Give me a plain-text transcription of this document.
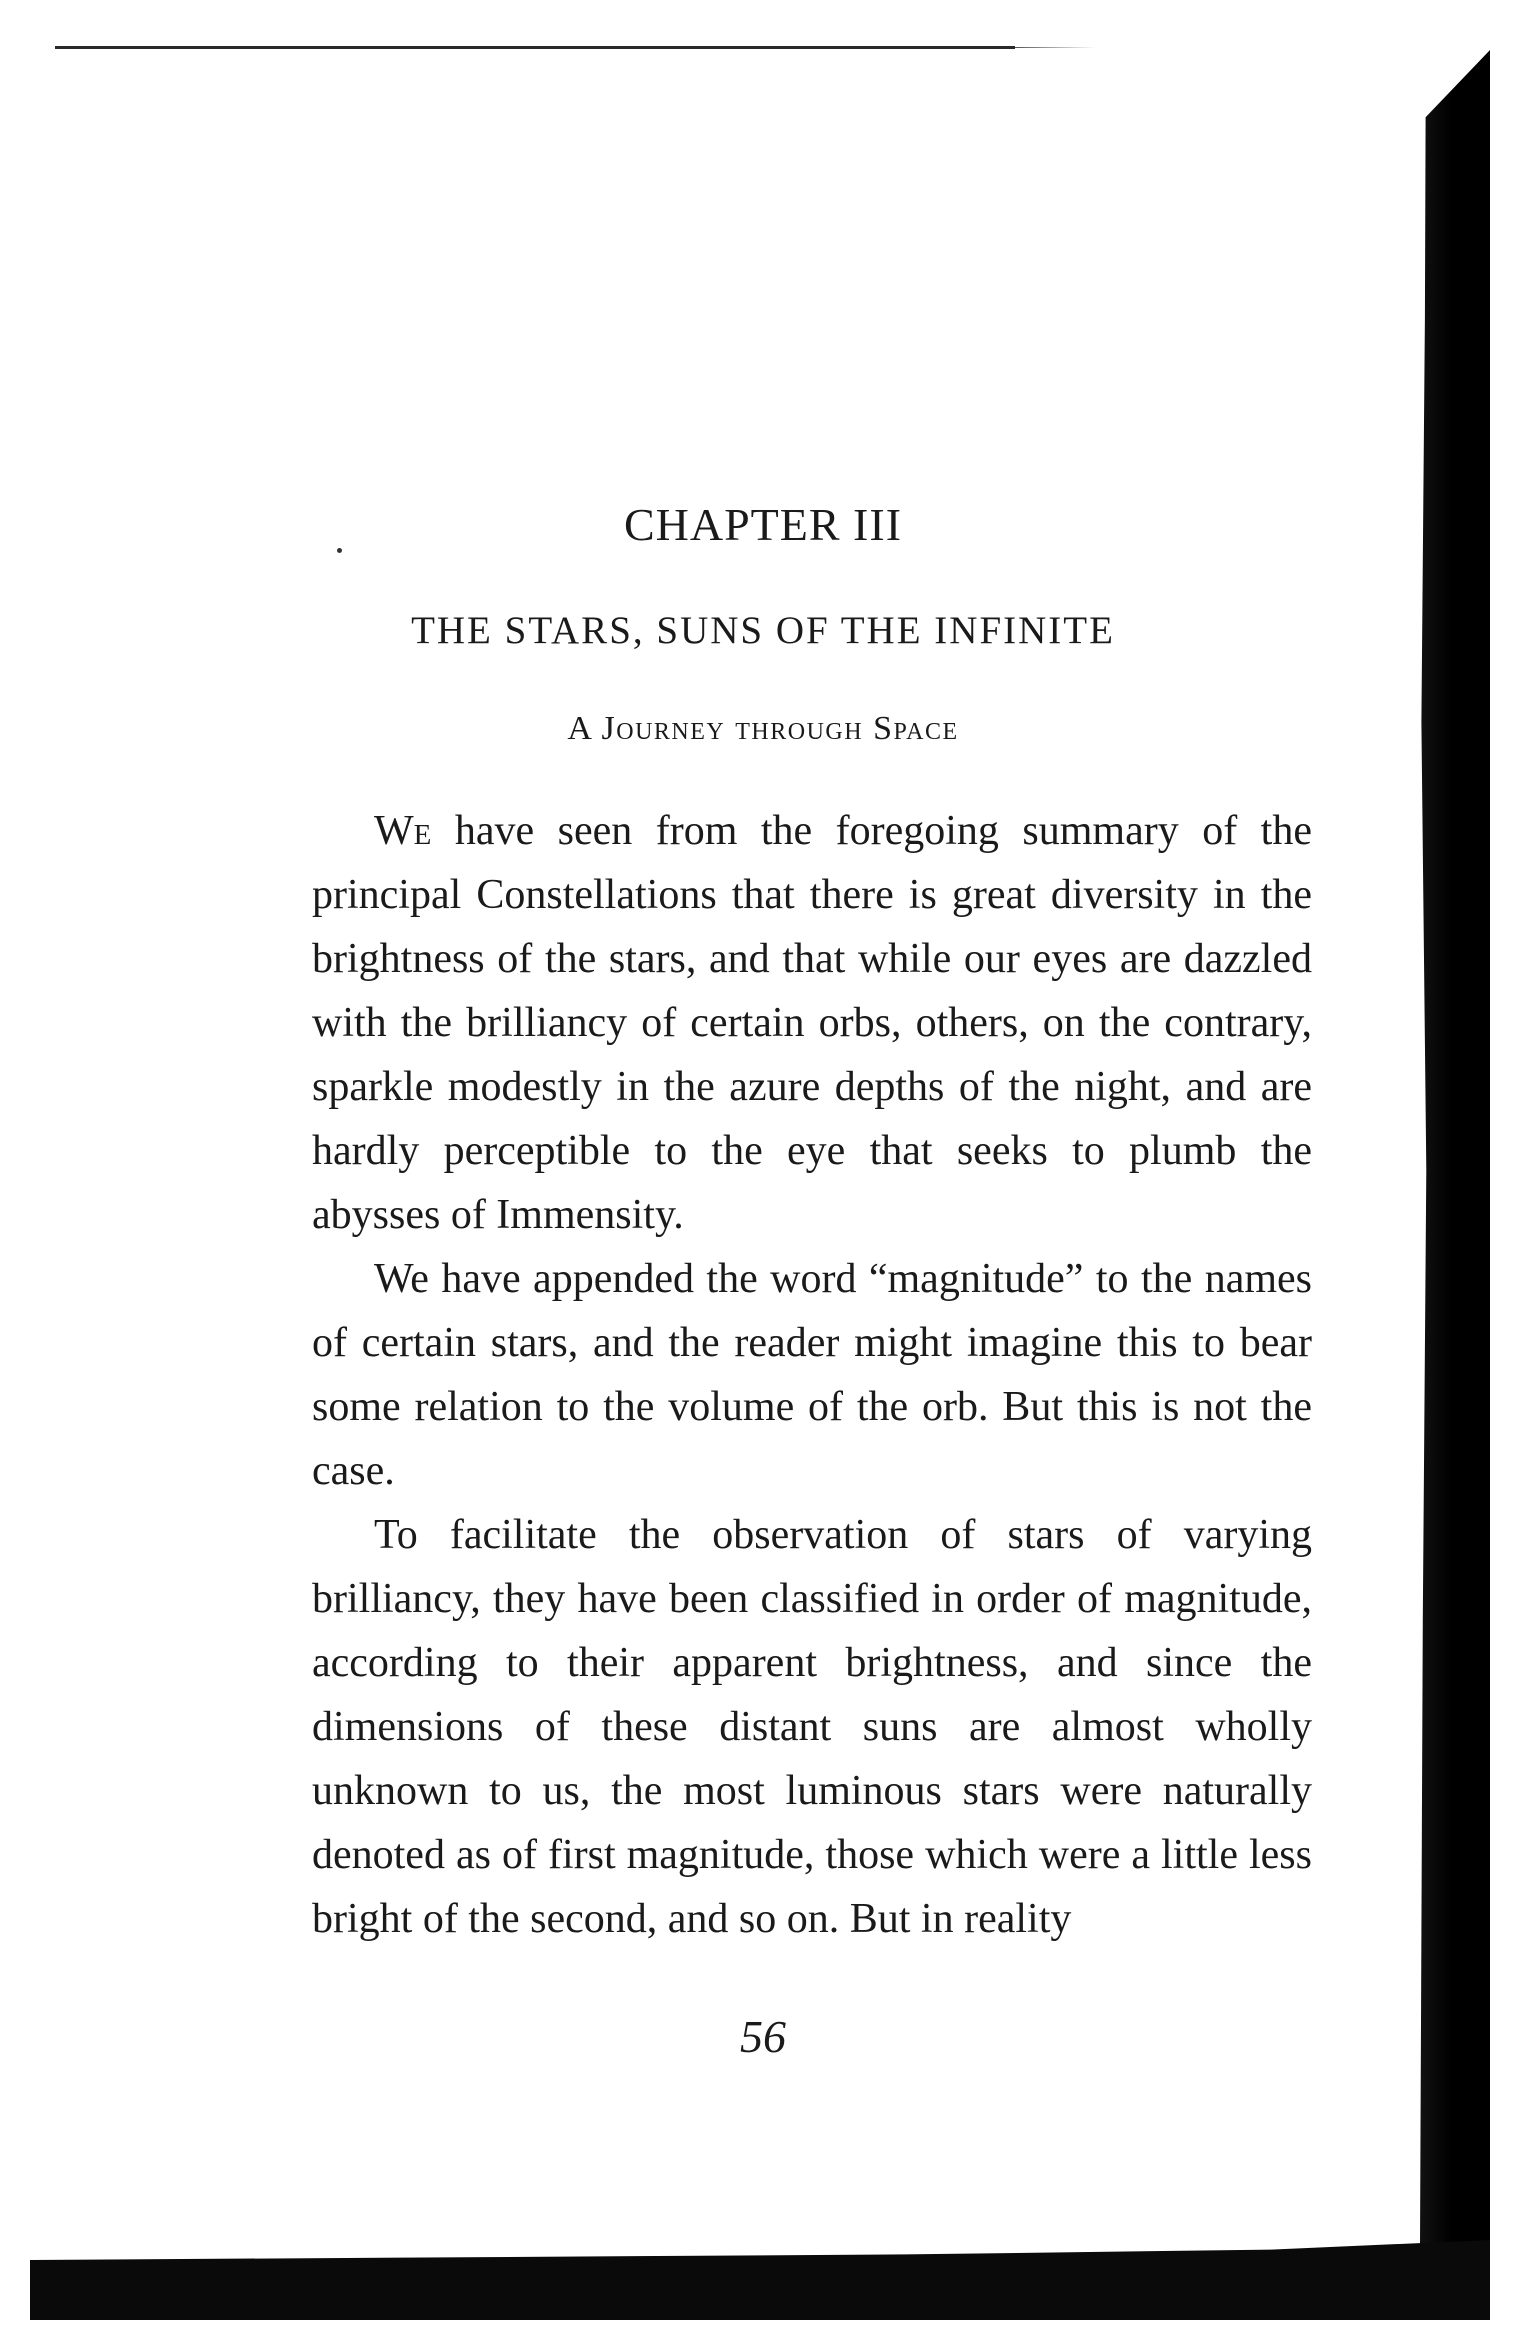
CHAPTER III
THE STARS, SUNS OF THE INFINITE
A Journey through Space

We have seen from the foregoing summary of the principal Constellations that there is great diversity in the brightness of the stars, and that while our eyes are dazzled with the brilliancy of certain orbs, others, on the contrary, sparkle modestly in the azure depths of the night, and are hardly perceptible to the eye that seeks to plumb the abysses of Immensity.

We have appended the word “magnitude” to the names of certain stars, and the reader might imagine this to bear some relation to the volume of the orb. But this is not the case.

To facilitate the observation of stars of varying brilliancy, they have been classified in order of magnitude, according to their apparent brightness, and since the dimensions of these distant suns are almost wholly unknown to us, the most luminous stars were naturally denoted as of first magnitude, those which were a little less bright of the second, and so on. But in reality

56
